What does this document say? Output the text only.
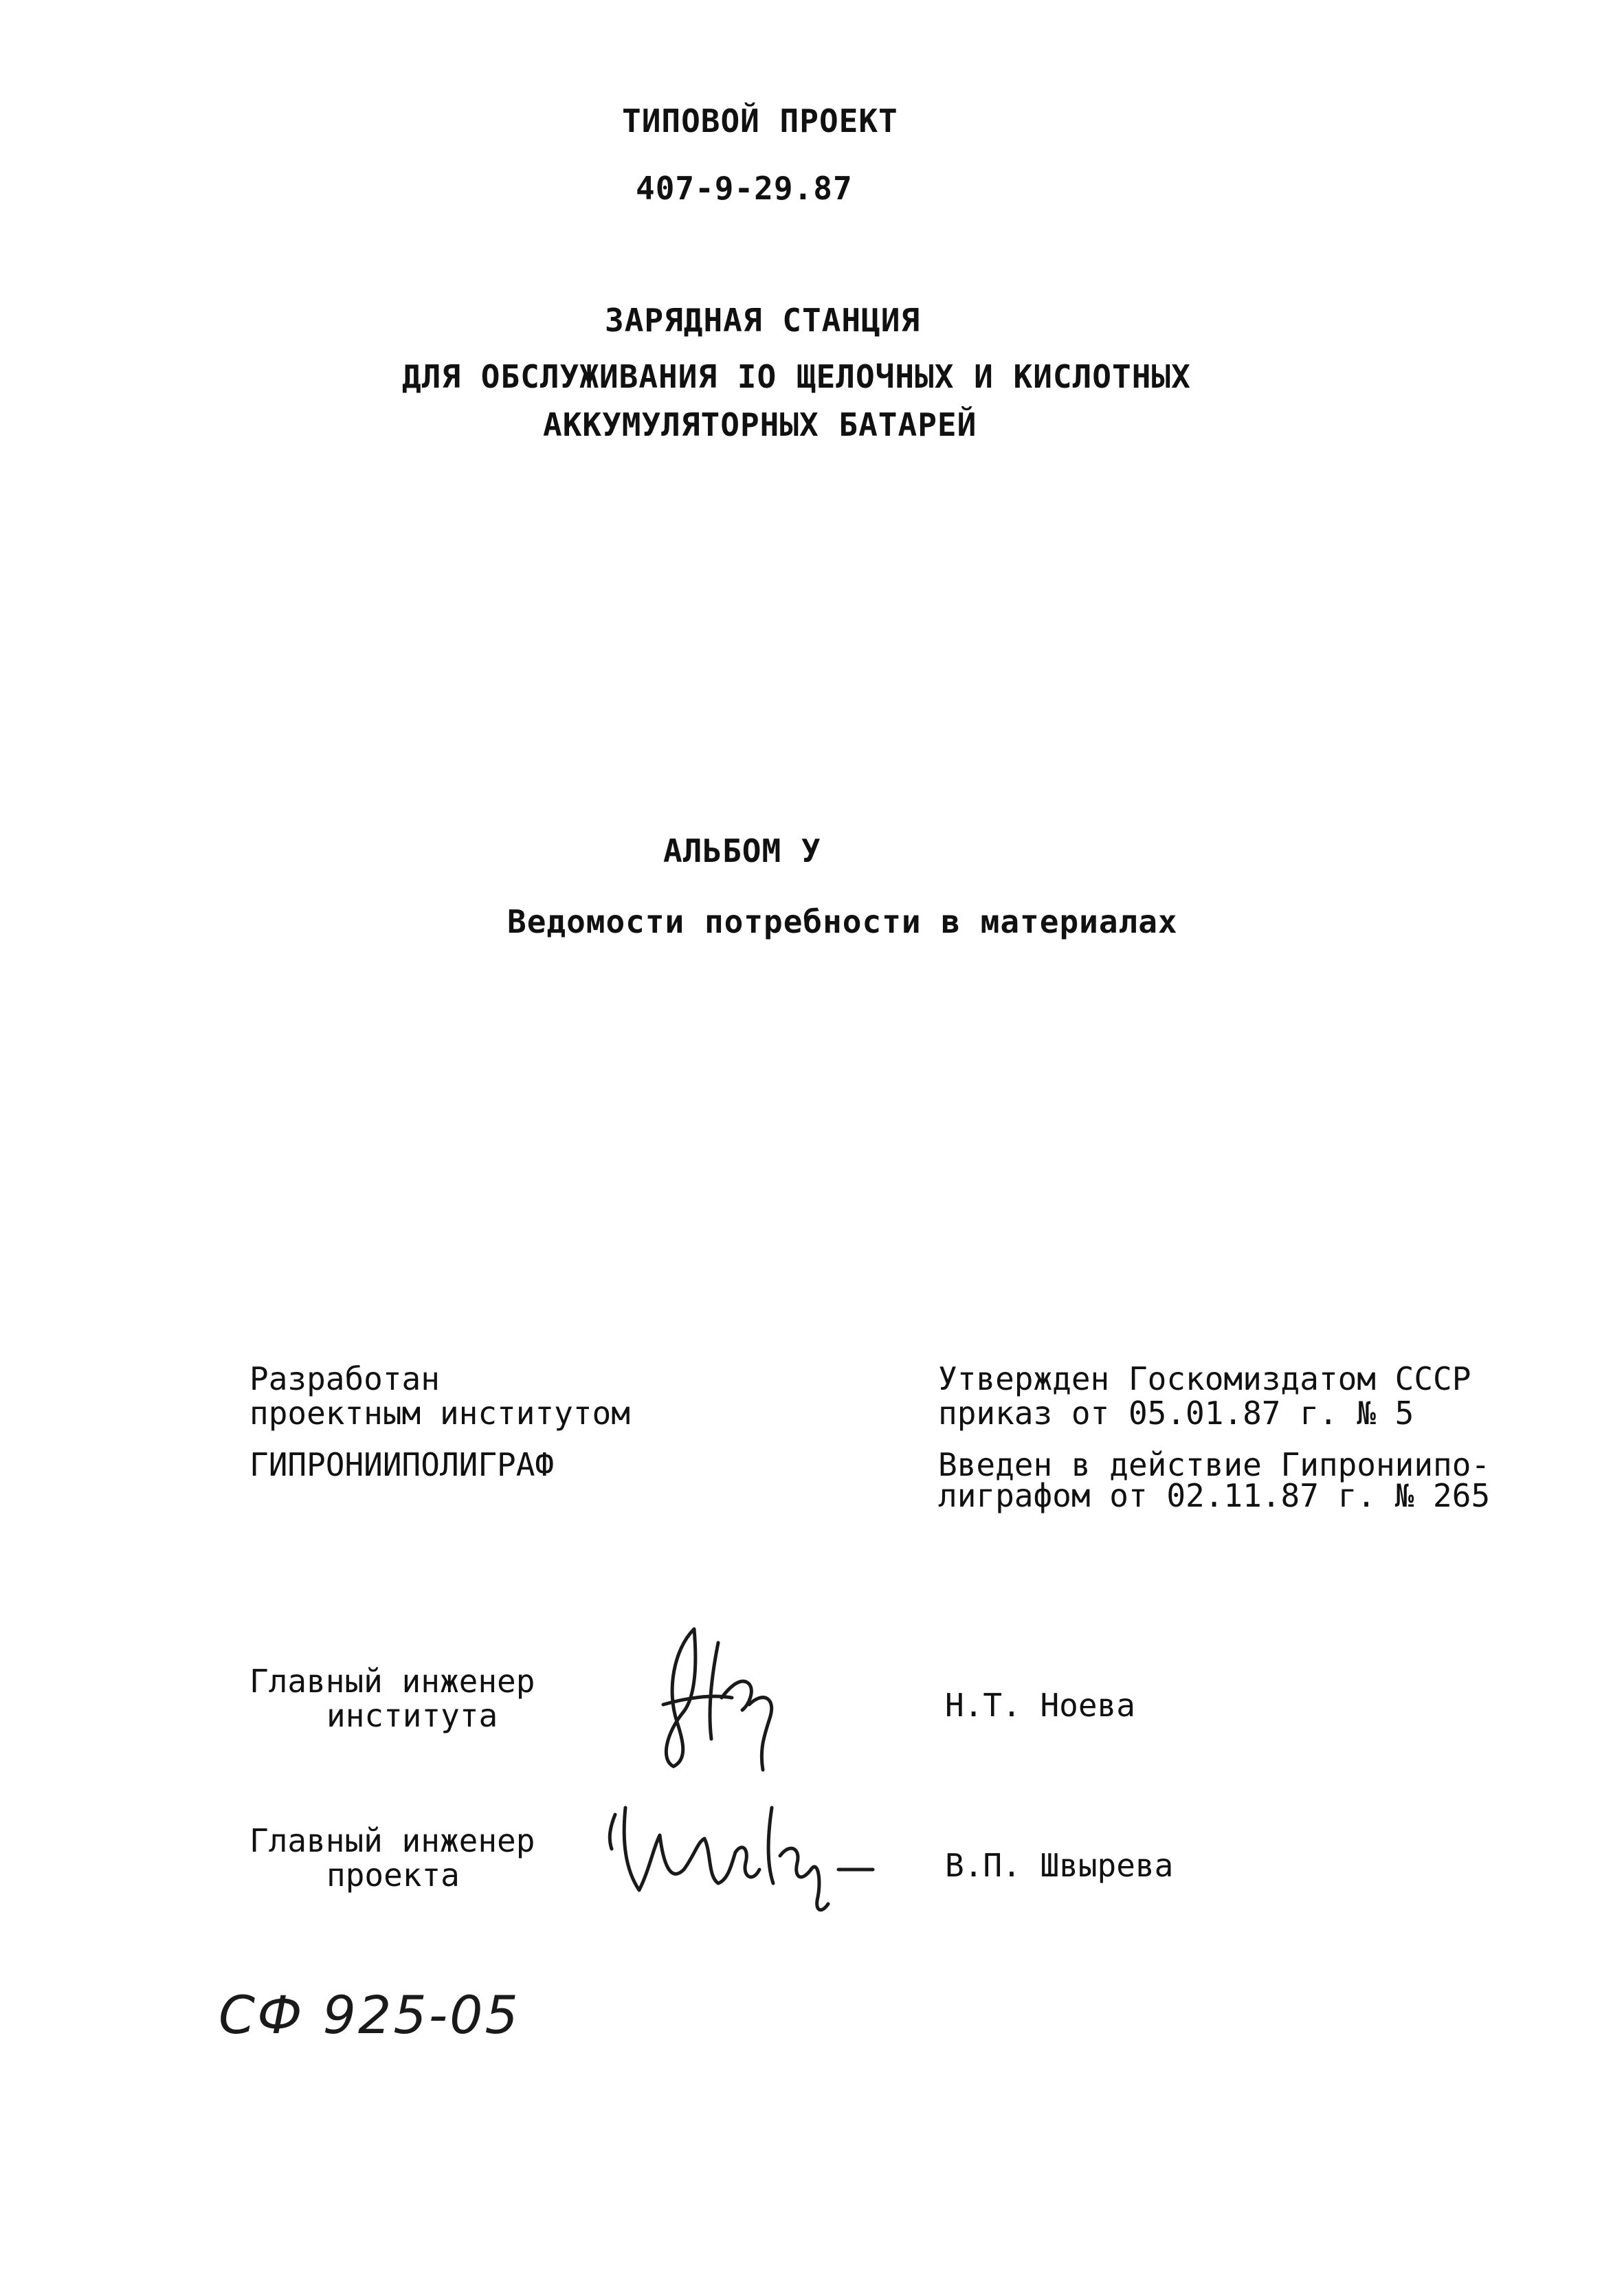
ТИПОВОЙ ПРОЕКТ
407-9-29.87
ЗАРЯДНАЯ СТАНЦИЯ
ДЛЯ ОБСЛУЖИВАНИЯ IO ЩЕЛОЧНЫХ И КИСЛОТНЫХ
АККУМУЛЯТОРНЫХ БАТАРЕЙ
АЛЬБОМ У
Ведомости потребности в материалах
Разработан
проектным институтом
ГИПРОНИИПОЛИГРАФ
Утвержден Госкомиздатом СССР
приказ от 05.01.87 г. № 5
Введен в действие Гипрониипо-
лиграфом от 02.11.87 г. № 265
Главный инженер
института	Н.Т. Ноева
Главный инженер
проекта	В.П. Швырева
СФ 925-05
